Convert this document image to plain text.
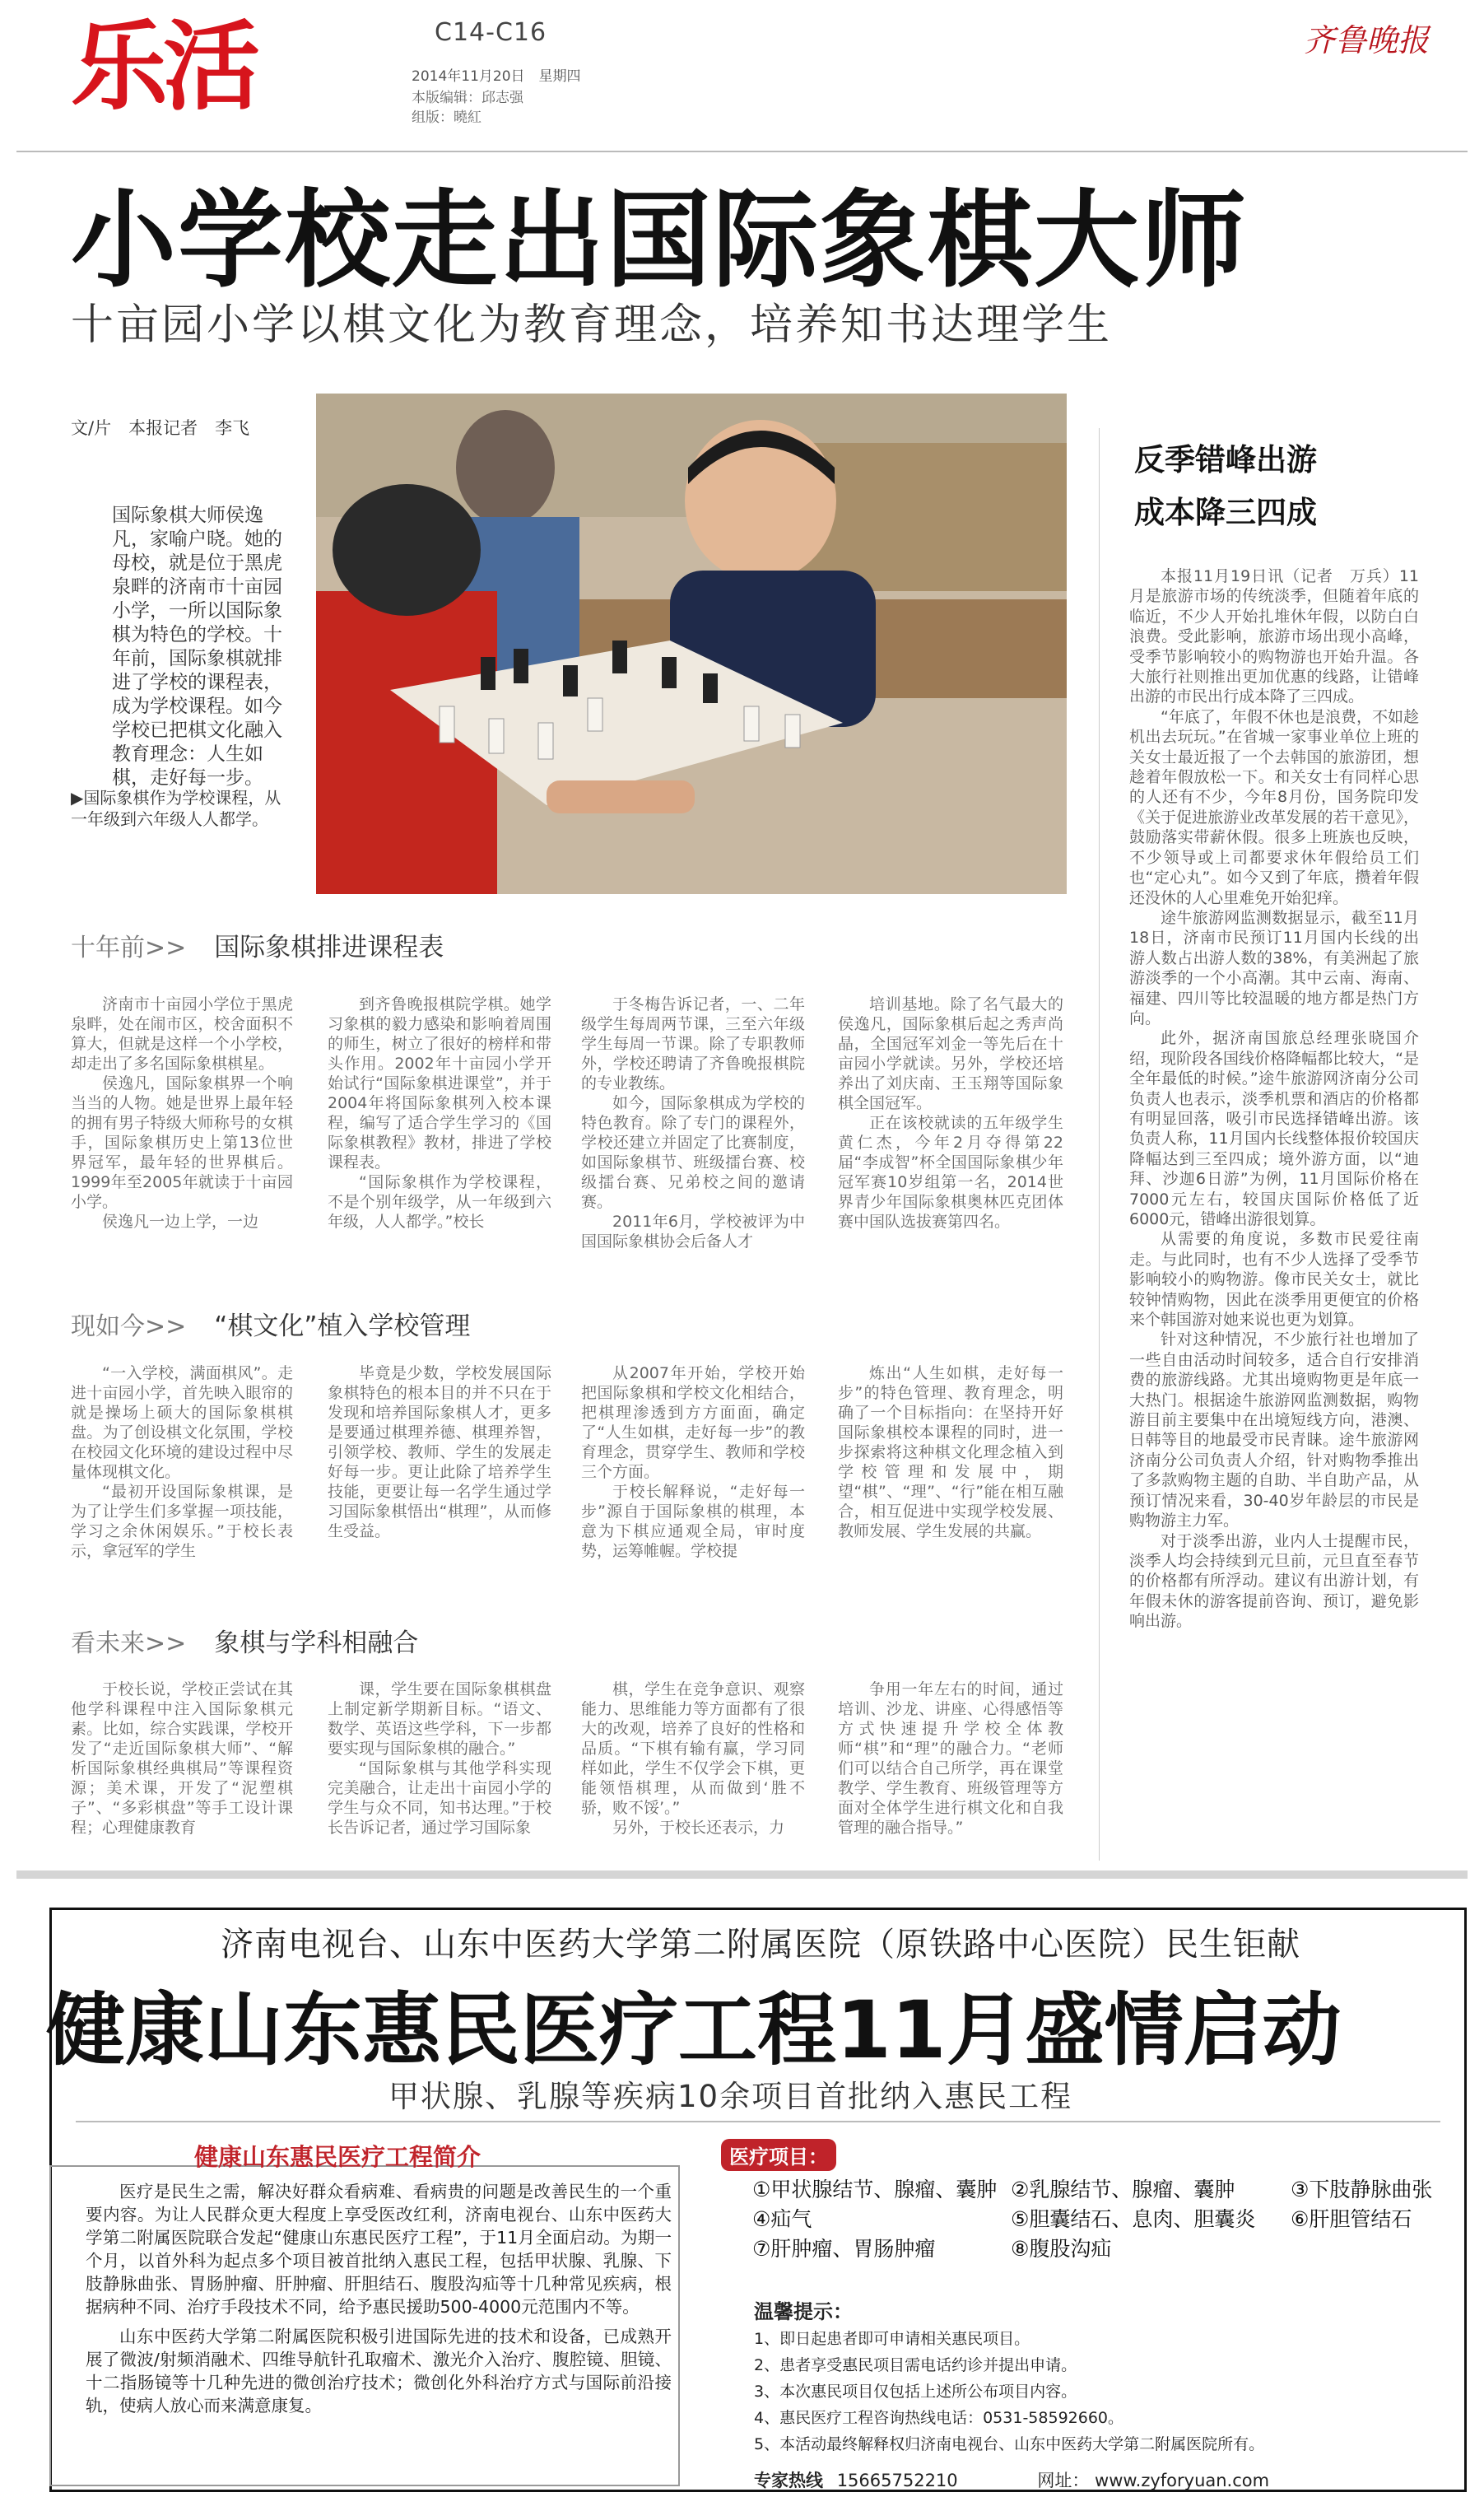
乐活	C14-C16
2014年11月20日　星期四
本版编辑：邱志强
组版：曉紅
齐鲁晚报
小学校走出国际象棋大师
十亩园小学以棋文化为教育理念，培养知书达理学生
文/片　本报记者　李飞
国际象棋大师侯逸凡，家喻户晓。她的母校，就是位于黑虎泉畔的济南市十亩园小学，一所以国际象棋为特色的学校。十年前，国际象棋就排进了学校的课程表，成为学校课程。如今学校已把棋文化融入教育理念：人生如棋，走好每一步。
▶国际象棋作为学校课程，从一年级到六年级人人都学。
十年前>> 国际象棋排进课程表

济南市十亩园小学位于黑虎泉畔，处在闹市区，校舍面积不算大，但就是这样一个小学校，却走出了多名国际象棋棋星。

侯逸凡，国际象棋界一个响当当的人物。她是世界上最年轻的拥有男子特级大师称号的女棋手，国际象棋历史上第13位世界冠军，最年轻的世界棋后。1999年至2005年就读于十亩园小学。

侯逸凡一边上学，一边

到齐鲁晚报棋院学棋。她学习象棋的毅力感染和影响着周围的师生，树立了很好的榜样和带头作用。2002年十亩园小学开始试行“国际象棋进课堂”，并于2004年将国际象棋列入校本课程，编写了适合学生学习的《国际象棋教程》教材，排进了学校课程表。

“国际象棋作为学校课程，不是个别年级学，从一年级到六年级，人人都学。”校长

于冬梅告诉记者，一、二年级学生每周两节课，三至六年级学生每周一节课。除了专职教师外，学校还聘请了齐鲁晚报棋院的专业教练。

如今，国际象棋成为学校的特色教育。除了专门的课程外，学校还建立并固定了比赛制度，如国际象棋节、班级擂台赛、校级擂台赛、兄弟校之间的邀请赛。

2011年6月，学校被评为中国国际象棋协会后备人才

培训基地。除了名气最大的侯逸凡，国际象棋后起之秀声尚晶，全国冠军刘金一等先后在十亩园小学就读。另外，学校还培养出了刘庆南、王玉翔等国际象棋全国冠军。

正在该校就读的五年级学生黄仁杰，今年2月夺得第22届“李成智”杯全国国际象棋少年冠军赛10岁组第一名，2014世界青少年国际象棋奥林匹克团体赛中国队选拔赛第四名。

现如今>> “棋文化”植入学校管理

“一入学校，满面棋风”。走进十亩园小学，首先映入眼帘的就是操场上硕大的国际象棋棋盘。为了创设棋文化氛围，学校在校园文化环境的建设过程中尽量体现棋文化。

“最初开设国际象棋课，是为了让学生们多掌握一项技能，学习之余休闲娱乐。”于校长表示，拿冠军的学生

毕竟是少数，学校发展国际象棋特色的根本目的并不只在于发现和培养国际象棋人才，更多是要通过棋理养德、棋理养智，引领学校、教师、学生的发展走好每一步。更让此除了培养学生技能，更要让每一名学生通过学习国际象棋悟出“棋理”，从而修生受益。

从2007年开始，学校开始把国际象棋和学校文化相结合，把棋理渗透到方方面面，确定了“人生如棋，走好每一步”的教育理念，贯穿学生、教师和学校三个方面。

于校长解释说，“走好每一步”源自于国际象棋的棋理，本意为下棋应通观全局，审时度势，运筹帷幄。学校提

炼出“人生如棋，走好每一步”的特色管理、教育理念，明确了一个目标指向：在坚持开好国际象棋校本课程的同时，进一步探索将这种棋文化理念植入到学校管理和发展中，期望“棋”、“理”、“行”能在相互融合，相互促进中实现学校发展、教师发展、学生发展的共赢。
看未来>> 象棋与学科相融合
于校长说，学校正尝试在其他学科课程中注入国际象棋元素。比如，综合实践课，学校开发了“走近国际象棋大师”、“解析国际象棋经典棋局”等课程资源；美术课，开发了“泥塑棋子”、“多彩棋盘”等手工设计课程；心理健康教育

课，学生要在国际象棋棋盘上制定新学期新目标。“语文、数学、英语这些学科，下一步都要实现与国际象棋的融合。”

“国际象棋与其他学科实现完美融合，让走出十亩园小学的学生与众不同，知书达理。”于校长告诉记者，通过学习国际象

棋，学生在竞争意识、观察能力、思维能力等方面都有了很大的改观，培养了良好的性格和品质。“下棋有输有赢，学习同样如此，学生不仅学会下棋，更能领悟棋理，从而做到‘胜不骄，败不馁’。”

另外，于校长还表示，力

争用一年左右的时间，通过培训、沙龙、讲座、心得感悟等方式快速提升学校全体教师“棋”和“理”的融合力。“老师们可以结合自己所学，再在课堂教学、学生教育、班级管理等方面对全体学生进行棋文化和自我管理的融合指导。”
反季错峰出游
成本降三四成

本报11月19日讯（记者　万兵）11月是旅游市场的传统淡季，但随着年底的临近，不少人开始扎堆休年假，以防白白浪费。受此影响，旅游市场出现小高峰，受季节影响较小的购物游也开始升温。各大旅行社则推出更加优惠的线路，让错峰出游的市民出行成本降了三四成。

“年底了，年假不休也是浪费，不如趁机出去玩玩。”在省城一家事业单位上班的关女士最近报了一个去韩国的旅游团，想趁着年假放松一下。和关女士有同样心思的人还有不少，今年8月份，国务院印发《关于促进旅游业改革发展的若干意见》，鼓励落实带薪休假。很多上班族也反映，不少领导或上司都要求休年假给员工们也“定心丸”。如今又到了年底，攒着年假还没休的人心里难免开始犯痒。

途牛旅游网监测数据显示，截至11月18日，济南市民预订11月国内长线的出游人数占出游人数的38%，有美洲起了旅游淡季的一个小高潮。其中云南、海南、福建、四川等比较温暖的地方都是热门方向。

此外，据济南国旅总经理张晓国介绍，现阶段各国线价格降幅都比较大，“是全年最低的时候。”途牛旅游网济南分公司负责人也表示，淡季机票和酒店的价格都有明显回落，吸引市民选择错峰出游。该负责人称，11月国内长线整体报价较国庆降幅达到三至四成；境外游方面，以“迪拜、沙迦6日游”为例，11月国际价格在7000元左右，较国庆国际价格低了近6000元，错峰出游很划算。

从需要的角度说，多数市民爱往南走。与此同时，也有不少人选择了受季节影响较小的购物游。像市民关女士，就比较钟情购物，因此在淡季用更便宜的价格来个韩国游对她来说也更为划算。

针对这种情况，不少旅行社也增加了一些自由活动时间较多，适合自行安排消费的旅游线路。尤其出境购物更是年底一大热门。根据途牛旅游网监测数据，购物游目前主要集中在出境短线方向，港澳、日韩等目的地最受市民青睐。途牛旅游网济南分公司负责人介绍，针对购物季推出了多款购物主题的自助、半自助产品，从预订情况来看，30-40岁年龄层的市民是购物游主力军。

对于淡季出游，业内人士提醒市民，淡季人均会持续到元旦前，元旦直至春节的价格都有所浮动。建议有出游计划，有年假未休的游客提前咨询、预订，避免影响出游。

济南电视台、山东中医药大学第二附属医院（原铁路中心医院）民生钜献
健康山东惠民医疗工程11月盛情启动
甲状腺、乳腺等疾病10余项目首批纳入惠民工程
健康山东惠民医疗工程简介

医疗是民生之需，解决好群众看病难、看病贵的问题是改善民生的一个重要内容。为让人民群众更大程度上享受医改红利，济南电视台、山东中医药大学第二附属医院联合发起“健康山东惠民医疗工程”，于11月全面启动。为期一个月，以首外科为起点多个项目被首批纳入惠民工程，包括甲状腺、乳腺、下肢静脉曲张、胃肠肿瘤、肝肿瘤、肝胆结石、腹股沟疝等十几种常见疾病，根据病种不同、治疗手段技术不同，给予惠民援助500-4000元范围内不等。

山东中医药大学第二附属医院积极引进国际先进的技术和设备，已成熟开展了微波/射频消融术、四维导航针孔取瘤术、激光介入治疗、腹腔镜、胆镜、十二指肠镜等十几种先进的微创治疗技术；微创化外科治疗方式与国际前沿接轨，使病人放心而来满意康复。

医疗项目：
①甲状腺结节、腺瘤、囊肿 ②乳腺结节、腺瘤、囊肿	③下肢静脉曲张
④疝气	⑤胆囊结石、息肉、胆囊炎 ⑥肝胆管结石
⑦肝肿瘤、胃肠肿瘤	⑧腹股沟疝
温馨提示：
1、即日起患者即可申请相关惠民项目。
2、患者享受惠民项目需电话约诊并提出申请。
3、本次惠民项目仅包括上述所公布项目内容。
4、惠民医疗工程咨询热线电话：0531-58592660。
5、本活动最终解释权归济南电视台、山东中医药大学第二附属医院所有。
专家热线 15665752210	网址： www.zyforyuan.com
